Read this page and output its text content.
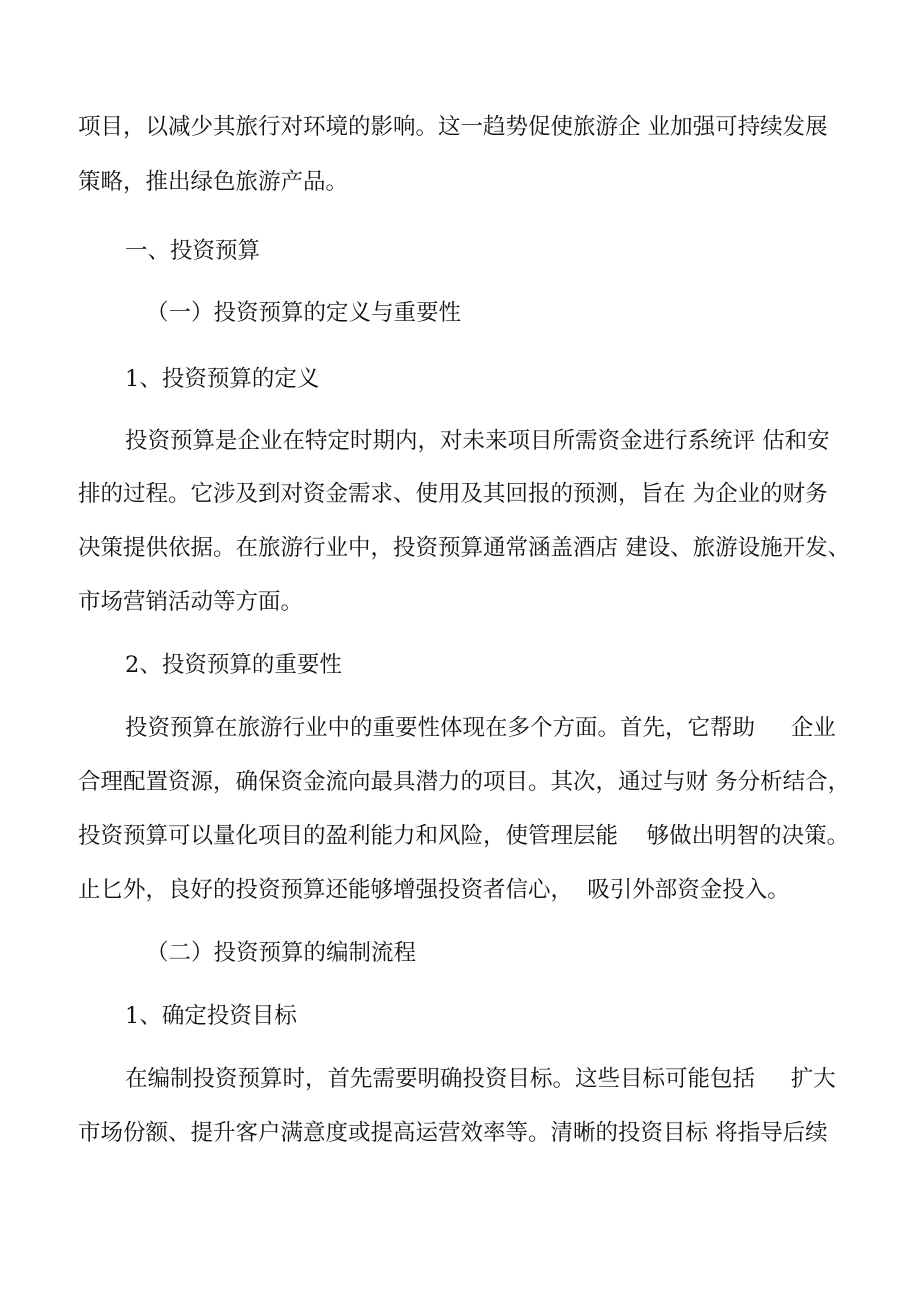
项目，以减少其旅行对环境的影响。这一趋势促使旅游企 业加强可持续发展

策略，推出绿色旅游产品。

一、投资预算

（一）投资预算的定义与重要性

1、投资预算的定义

投资预算是企业在特定时期内，对未来项目所需资金进行系统评 估和安

排的过程。它涉及到对资金需求、使用及其回报的预测，旨在 为企业的财务

决策提供依据。在旅游行业中，投资预算通常涵盖酒店 建设、旅游设施开发、

市场营销活动等方面。

2、投资预算的重要性

投资预算在旅游行业中的重要性体现在多个方面。首先，它帮助     企业

合理配置资源，确保资金流向最具潜力的项目。其次，通过与财 务分析结合，

投资预算可以量化项目的盈利能力和风险，使管理层能    够做出明智的决策。

止匕外，良好的投资预算还能够增强投资者信心，  吸引外部资金投入。

（二）投资预算的编制流程

1、确定投资目标

在编制投资预算时，首先需要明确投资目标。这些目标可能包括     扩大

市场份额、提升客户满意度或提高运营效率等。清晰的投资目标 将指导后续
